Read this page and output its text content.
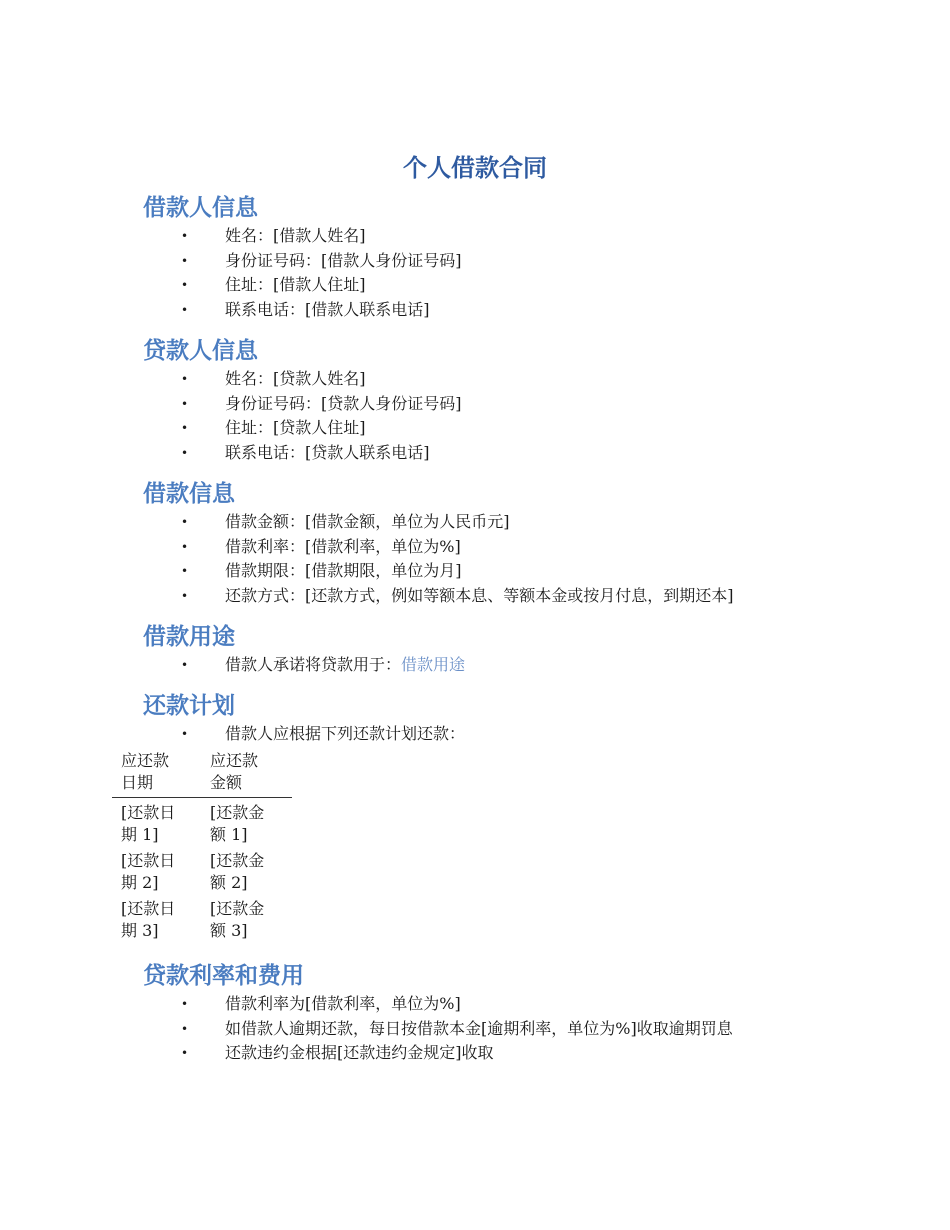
个人借款合同
借款人信息
• 姓名：[借款人姓名]
• 身份证号码：[借款人身份证号码]
• 住址：[借款人住址]
• 联系电话：[借款人联系电话]
贷款人信息
• 姓名：[贷款人姓名]
• 身份证号码：[贷款人身份证号码]
• 住址：[贷款人住址]
• 联系电话：[贷款人联系电话]
借款信息
• 借款金额：[借款金额，单位为人民币元]
• 借款利率：[借款利率，单位为%]
• 借款期限：[借款期限，单位为月]
• 还款方式：[还款方式，例如等额本息、等额本金或按月付息，到期还本]
借款用途
• 借款人承诺将贷款用于：借款用途
还款计划
• 借款人应根据下列还款计划还款：
应还款
日期
应还款
金额
[还款日
期 1]
[还款金
额 1]
[还款日
期 2]
[还款金
额 2]
[还款日
期 3]
[还款金
额 3]
贷款利率和费用
• 借款利率为[借款利率，单位为%]
• 如借款人逾期还款，每日按借款本金[逾期利率，单位为%]收取逾期罚息
• 还款违约金根据[还款违约金规定]收取
